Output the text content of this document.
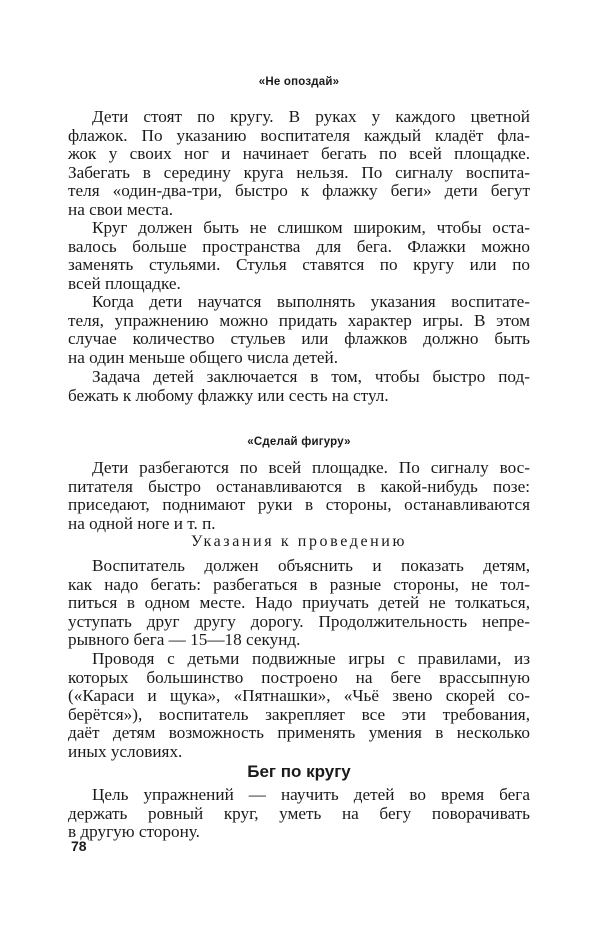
«Не опоздай»
Дети стоят по кругу. В руках у каждого цветной
флажок. По указанию воспитателя каждый кладёт фла-
жок у своих ног и начинает бегать по всей площадке.
Забегать в середину круга нельзя. По сигналу воспита-
теля «один-два-три, быстро к флажку беги» дети бегут
на свои места.
Круг должен быть не слишком широким, чтобы оста-
валось больше пространства для бега. Флажки можно
заменять стульями. Стулья ставятся по кругу или по
всей площадке.
Когда дети научатся выполнять указания воспитате-
теля, упражнению можно придать характер игры. В этом
случае количество стульев или флажков должно быть
на один меньше общего числа детей.
Задача детей заключается в том, чтобы быстро под-
бежать к любому флажку или сесть на стул.
«Сделай фигуру»
Дети разбегаются по всей площадке. По сигналу вос-
питателя быстро останавливаются в какой-нибудь позе:
приседают, поднимают руки в стороны, останавливаются
на одной ноге и т. п.
Указания к проведению
Воспитатель должен объяснить и показать детям,
как надо бегать: разбегаться в разные стороны, не тол-
питься в одном месте. Надо приучать детей не толкаться,
уступать друг другу дорогу. Продолжительность непре-
рывного бега — 15—18 секунд.
Проводя с детьми подвижные игры с правилами, из
которых большинство построено на беге врассыпную
(«Караси и щука», «Пятнашки», «Чьё звено скорей со-
берётся»), воспитатель закрепляет все эти требования,
даёт детям возможность применять умения в несколько
иных условиях.
Бег по кругу
Цель упражнений — научить детей во время бега
держать ровный круг, уметь на бегу поворачивать
в другую сторону.
78
